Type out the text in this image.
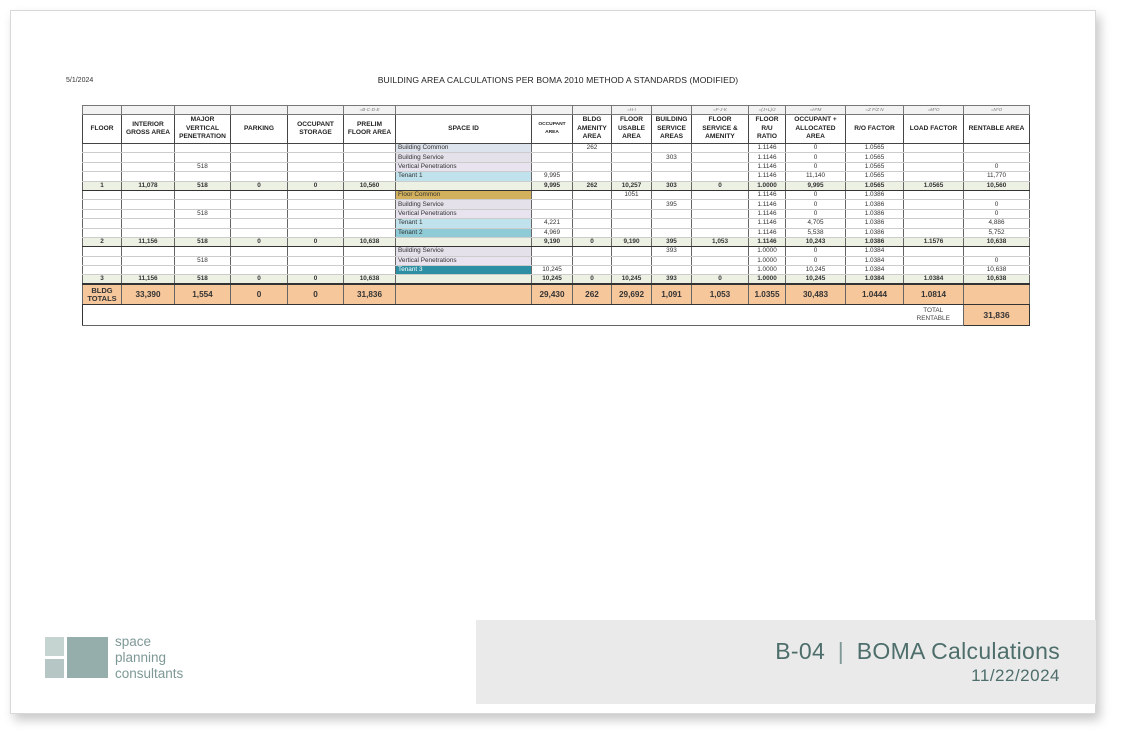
5/1/2024	BUILDING AREA CALCULATIONS PER BOMA 2010 METHOD A STANDARDS (MODIFIED)
					=B-C-D-E				=H-I		=F-J-K	=(J+L)/J	=H*M	=Z F/Z N	=M*O	=N*O
FLOOR	INTERIOR GROSS AREA	MAJOR VERTICAL PENETRATION	PARKING	OCCUPANT STORAGE	PRELIM FLOOR AREA	SPACE ID	OCCUPANT AREA	BLDG AMENITY AREA	FLOOR USABLE AREA	BUILDING SERVICE AREAS	FLOOR SERVICE & AMENITY	FLOOR R/U RATIO	OCCUPANT + ALLOCATED AREA	R/O FACTOR	LOAD FACTOR	RENTABLE AREA
						Building Common		262				1.1146	0	1.0565		
						Building Service				303		1.1146	0	1.0565		
		518				Vertical Penetrations						1.1146	0	1.0565		0
						Tenant 1	9,995					1.1146	11,140	1.0565		11,770
1	11,078	518	0	0	10,560		9,995	262	10,257	303	0	1.0000	9,995	1.0565	1.0565	10,560
						Floor Common			1051			1.1146	0	1.0386		
						Building Service				395		1.1146	0	1.0386		0
		518				Vertical Penetrations						1.1146	0	1.0386		0
						Tenant 1	4,221					1.1146	4,705	1.0386		4,886
						Tenant 2	4,969					1.1146	5,538	1.0386		5,752
2	11,156	518	0	0	10,638		9,190	0	9,190	395	1,053	1.1146	10,243	1.0386	1.1576	10,638
						Building Service				393		1.0000	0	1.0384		
		518				Vertical Penetrations						1.0000	0	1.0384		0
						Tenant 3	10,245					1.0000	10,245	1.0384		10,638
3	11,156	518	0	0	10,638		10,245	0	10,245	393	0	1.0000	10,245	1.0384	1.0384	10,638

BLDG
TOTALS	33,390	1,554	0	0	31,836		29,430	262	29,692	1,091	1,053	1.0355	30,483	1.0444	1.0814	

															TOTAL
RENTABLE	31,836
space
planning
consultants
B-04 | BOMA Calculations
11/22/2024
